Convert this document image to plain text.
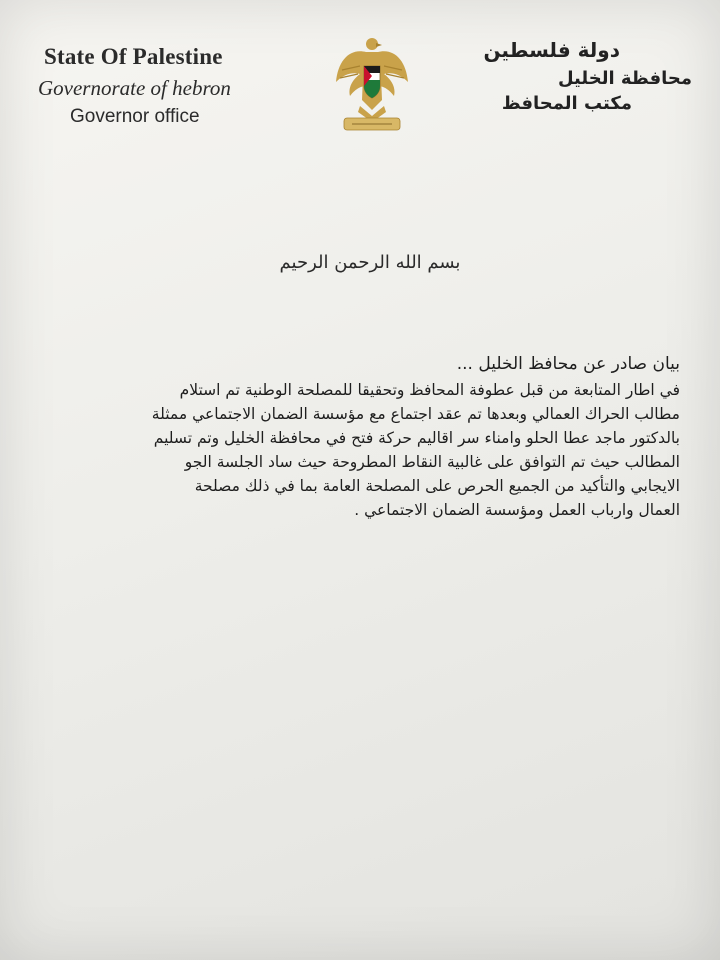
State Of Palestine
Governorate of hebron
Governor office
دولة فلسطين
محافظة الخليل
مكتب المحافظ
بسم الله الرحمن الرحيم
بيان صادر عن محافظ الخليل ...
في اطار المتابعة من قبل عطوفة المحافظ وتحقيقا للمصلحة الوطنية تم استلام
مطالب الحراك العمالي وبعدها تم عقد اجتماع مع مؤسسة الضمان الاجتماعي ممثلة
بالدكتور ماجد عطا الحلو وامناء سر اقاليم حركة فتح في محافظة الخليل وتم تسليم
المطالب حيث تم التوافق على غالبية النقاط المطروحة حيث ساد الجلسة الجو
الايجابي والتأكيد من الجميع الحرص على المصلحة العامة بما في ذلك مصلحة
العمال وارباب العمل ومؤسسة الضمان الاجتماعي .
